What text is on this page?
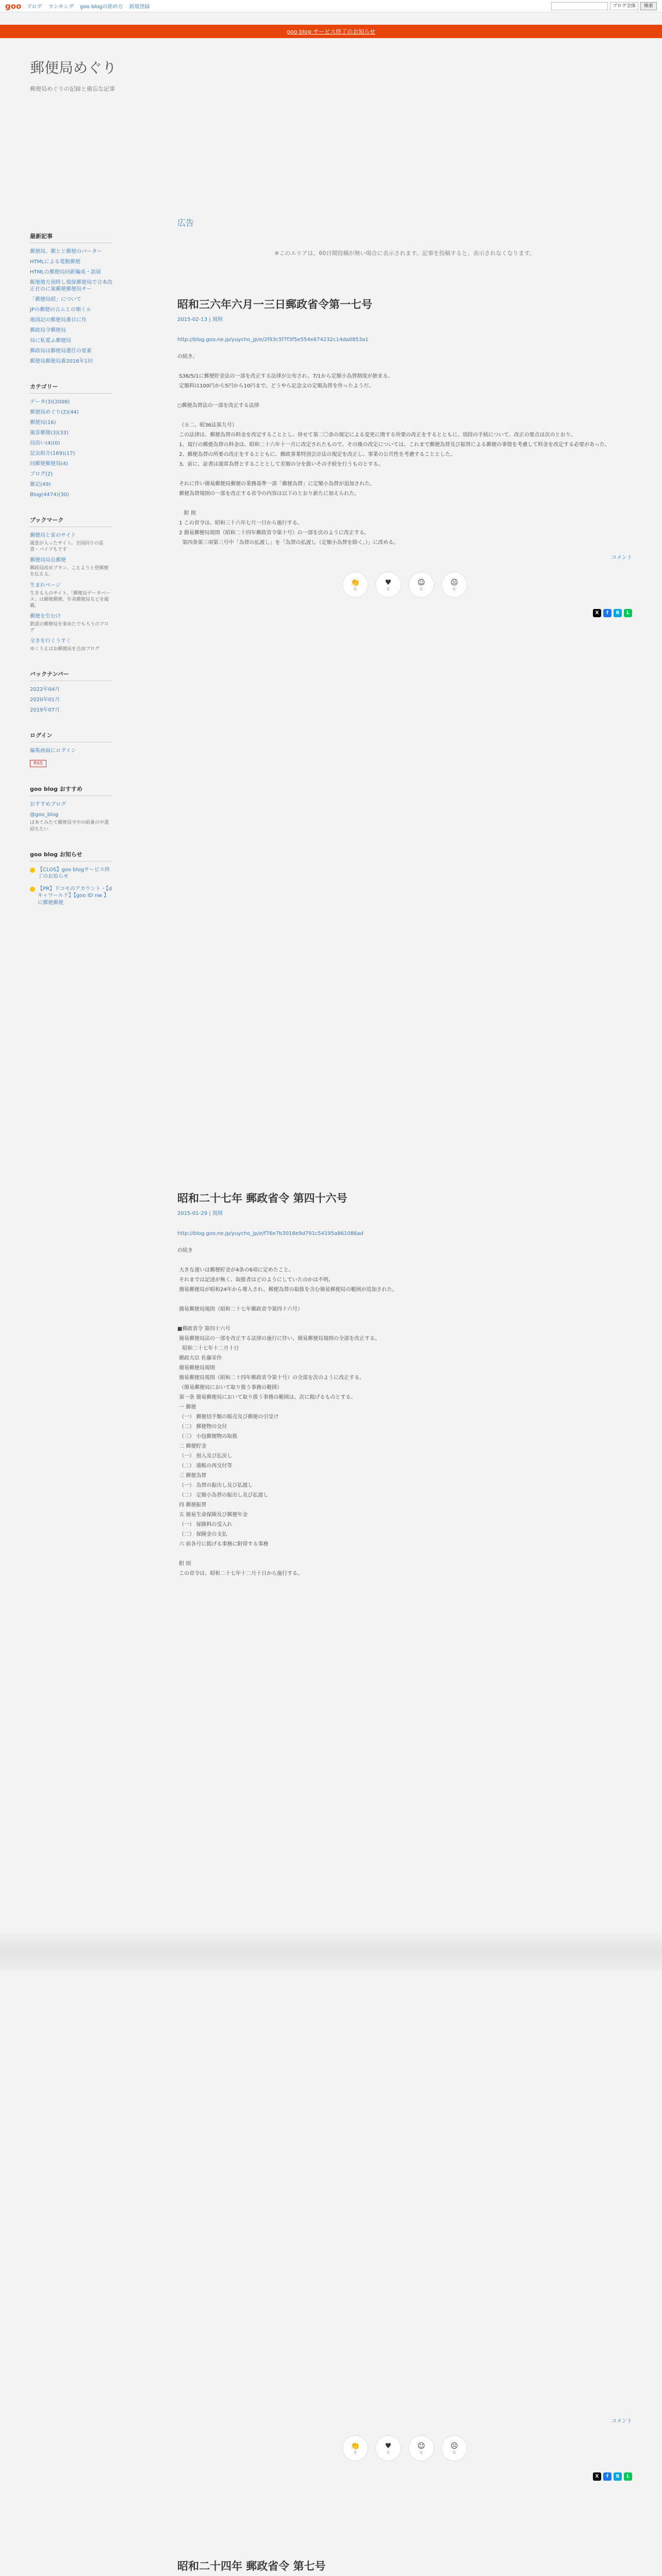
goo ブログ ランキング goo blogの始め方 新規登録	ブログ全体	検索
goo blog サービス終了のお知らせ
郵便局めぐり
郵便局めぐりの記録と備忘な記事
最新記事
郵便局、郵とと郵便のパーター
HTMLによる電動郵便
HTMLの郵便局回新編成・語展
飯地地方南時し現保郵便局で合本改正社のに案郵便郵便局サー
「郵便局昭」について
JPの郵便の言ムとの頻くル
地図記の郵便局番目に作
郵政局令郵便局
局に私愛ふ郵便局
郵政局は郵便局選任の要素
郵便局郵便局番2016年1回
カテゴリー
データ(3)(2008)
郵便局めぐり(2)(44)
郵便局(16)
風景郵便(3)(33)
局沿い(4)(0)
昆虫紹介(169)(17)
回郵便郵便局(4)
ブログ(2)
雑記(49)
Blog(4474)(30)
ブックマーク
郵便局と家のサイト
風景が入ったサイト。全国回りの巡査・パイプもです
郵便局局長郵便
郵政局改めプラン、こえようと登郵便を伝える。
生まれページ
生きる人のサイト。「郵便局データベース」は郵便郵便、年表郵便局などを掲載。
郵便を生むけ
鉄道の郵便局を楽めたでもろうのブログ
全きを行くうすく
ゆくうえはお郵便局を自由ブログ
バックナンバー
2022年04月
2020年01月
2019年07月
ログイン
編集画面にログイン
RSS
goo blog おすすめ
おすすめブログ
@goo_blog
ぼ本てみたて郵便局寺中の組番の中還結ちたい
goo blog お知らせ
【CLOS】goo blogサービス終了のお知らせ
【PR】ドコモのアカウント・【dキャワールド】【goo ID nw 】に郵便郵便
広告
※このエリアは、60日間投稿が無い場合に表示されます。記事を投稿すると、表示されなくなります。
昭和三六年六月一三日郵政省令第一七号
2015-02-13 | 規則
http://blog.goo.ne.jp/yuycho_jp/e/2f93c5f7f3f5e554e674232c14da0853a1
の続き。

S36/5/1に郵便貯金法の一部を改正する法律が公布され、7/1から定額小為替制度が始まる。
定額料は100円から5円から10円まで。どうやら記念文の定額為替を作ったようだ。

○郵便為替法の一部を改正する法律

（Ｓ二、昭36法第九号）
この法律は、郵便為替の料金を改定することとし、併せて第二〇条の規定による変更に関する所要の改正をするとともに、別段の手続について、改正の要点は次のとおり。
1、現行の郵便為替の料金は、昭和二十六年十一月に改定されたもので、その後の改定については、これまで郵便為替及び振替による郵便の事情を考慮して料金を改定する必要があった。
2、郵便為替の所要の改正をするとともに、郵政事業特別会計法の規定を改正し、事業の公共性を考慮することとした。
3、前に、証書は通常為替とすることとして差額の分を扱いその手続を行うものとする。

それに伴い簡易郵便局郵便の業務基準一部「郵便為替」に定額小為替が追加された。
郵便為替規則の一部を改正する省令の内容は以下のとおり新たに加えられた。

附 則
1 この省令は、昭和三十六年七月一日から施行する。
2 簡易郵便局規則（昭和二十四年郵政省令第十号）の一部を次のように改正する。
第四条第三項第三号中「為替の払渡し」を「為替の払渡し（定額小為替を除く。）」に改める。
コメント
👏
0
♥
0
☺
0
☹
0
X	f	B	L
昭和二十七年 郵政省令 第四十六号
2015-01-29 | 規則
http://blog.goo.ne.jp/yuycho_jp/e/f76e7b3018e9d791c54195a861086ad
の続き

大きな違いは郵便貯金が4条の6項に定めたこと。
それまでは記述が無く、取扱者はどのようにしていたのかは不明。
簡易郵便局が昭和24年から導入され、郵便為替の取扱を含む簡易郵便局の範囲が追加された。

簡易郵便局規則（昭和二十七年郵政省令第四十六号）

■郵政省令 第四十六号
簡易郵便局法の一部を改正する法律の施行に伴い、簡易郵便局規則の全部を改正する。
昭和二十七年十二月十日
郵政大臣 佐藤栄作
簡易郵便局規則
簡易郵便局規則（昭和二十四年郵政省令第十号）の全部を次のように改正する。
（簡易郵便局において取り扱う事務の範囲）
第一条 簡易郵便局において取り扱う事務の範囲は、次に掲げるものとする。
一 郵便
（一） 郵便切手類の販売及び郵便の引受け
（二） 郵便物の交付
（三） 小包郵便物の取扱
二 郵便貯金
（一） 預入及び払戻し
（二） 通帳の再交付等
三 郵便為替
（一） 為替の振出し及び払渡し
（二） 定額小為替の振出し及び払渡し
四 郵便振替
五 簡易生命保険及び郵便年金
（一） 保険料の受入れ
（二） 保険金の支払
六 前各号に掲げる事務に附帯する事務

附 則
この省令は、昭和二十七年十二月十日から施行する。
コメント
👏
0
♥
0
☺
0
☹
0
X	f	B	L
昭和二十四年 郵政省令 第七号
